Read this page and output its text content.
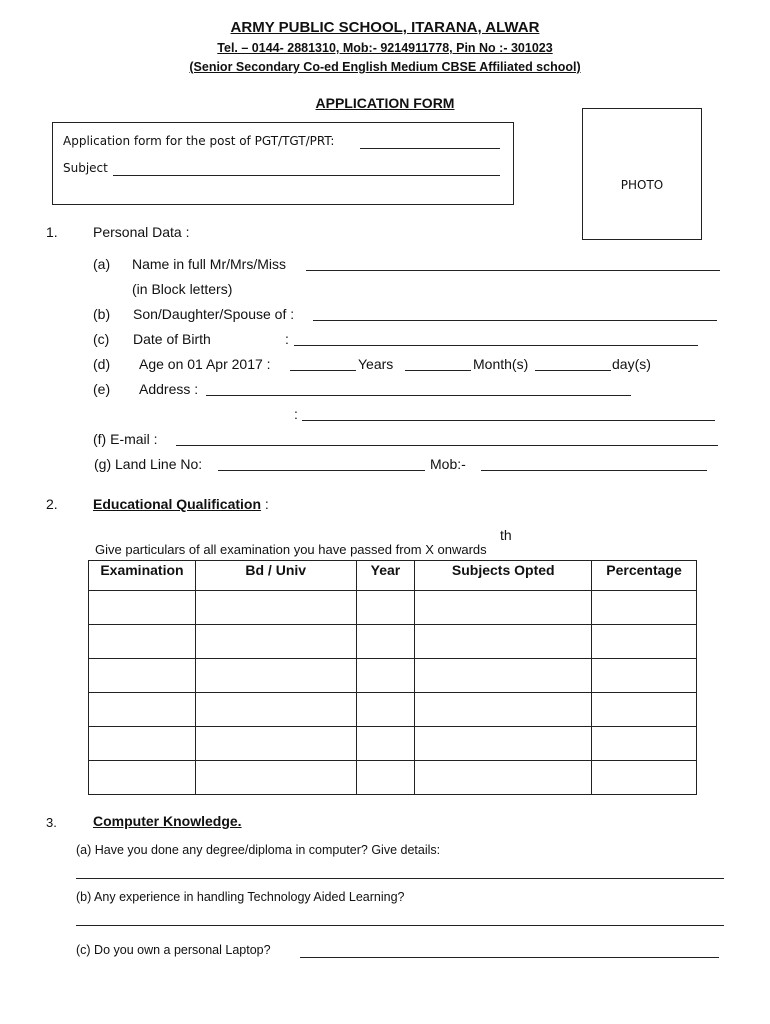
ARMY PUBLIC SCHOOL, ITARANA, ALWAR
Tel. – 0144- 2881310, Mob:- 9214911778, Pin No :- 301023
(Senior Secondary Co-ed English Medium CBSE Affiliated school)
APPLICATION FORM
Application form for the post of PGT/TGT/PRT:
Subject
PHOTO
1.	Personal Data :
(a) Name in full Mr/Mrs/Miss
(in Block letters)
(b) Son/Daughter/Spouse of :
(c) Date of Birth	:
(d) Age on 01 Apr 2017 :	Years	Month(s)	day(s)
(e) Address :
:
(f) E-mail :
(g) Land Line No:	Mob:-
2.	Educational Qualification :
th
Give particulars of all examination you have passed from X onwards
Examination	Bd / Univ	Year	Subjects Opted	Percentage

3.	Computer Knowledge.
(a) Have you done any degree/diploma in computer? Give details:
(b) Any experience in handling Technology Aided Learning?
(c) Do you own a personal Laptop?
